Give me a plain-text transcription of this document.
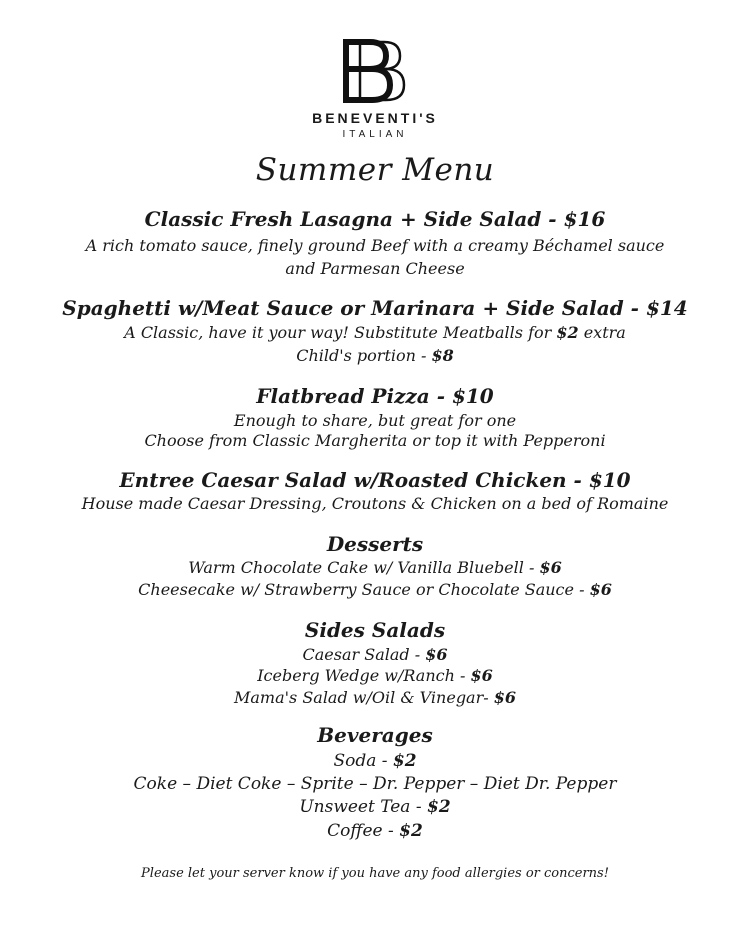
BENEVENTI'S
ITALIAN
Summer Menu
Classic Fresh Lasagna + Side Salad - $16
A rich tomato sauce, finely ground Beef with a creamy Béchamel sauce
and Parmesan Cheese
Spaghetti w/Meat Sauce or Marinara + Side Salad - $14
A Classic, have it your way! Substitute Meatballs for $2 extra
Child's portion - $8
Flatbread Pizza - $10
Enough to share, but great for one
Choose from Classic Margherita or top it with Pepperoni
Entree Caesar Salad w/Roasted Chicken - $10
House made Caesar Dressing, Croutons & Chicken on a bed of Romaine
Desserts
Warm Chocolate Cake w/ Vanilla Bluebell - $6
Cheesecake w/ Strawberry Sauce or Chocolate Sauce - $6
Sides Salads
Caesar Salad - $6
Iceberg Wedge w/Ranch - $6
Mama's Salad w/Oil & Vinegar- $6
Beverages
Soda - $2
Coke – Diet Coke – Sprite – Dr. Pepper – Diet Dr. Pepper
Unsweet Tea - $2
Coffee - $2
Please let your server know if you have any food allergies or concerns!
